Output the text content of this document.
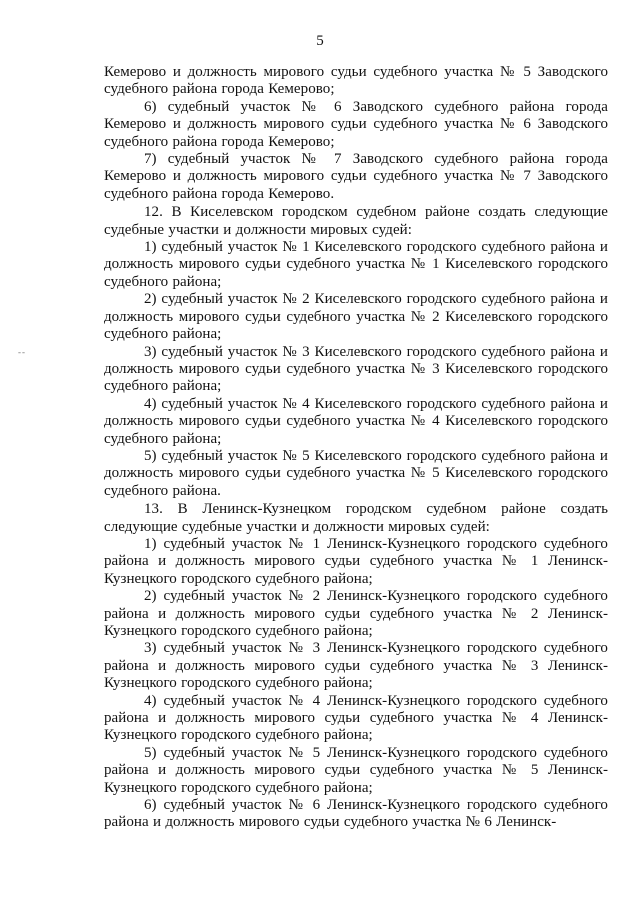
5
--

Кемерово и должность мирового судьи судебного участка № 5 Заводского судебного района города Кемерово;

6) судебный участок № 6 Заводского судебного района города Кемерово и должность мирового судьи судебного участка № 6 Заводского судебного района города Кемерово;

7) судебный участок № 7 Заводского судебного района города Кемерово и должность мирового судьи судебного участка № 7 Заводского судебного района города Кемерово.

12. В Киселевском городском судебном районе создать следующие судебные участки и должности мировых судей:

1) судебный участок № 1 Киселевского городского судебного района и должность мирового судьи судебного участка № 1 Киселевского городского судебного района;

2) судебный участок № 2 Киселевского городского судебного района и должность мирового судьи судебного участка № 2 Киселевского городского судебного района;

3) судебный участок № 3 Киселевского городского судебного района и должность мирового судьи судебного участка № 3 Киселевского городского судебного района;

4) судебный участок № 4 Киселевского городского судебного района и должность мирового судьи судебного участка № 4 Киселевского городского судебного района;

5) судебный участок № 5 Киселевского городского судебного района и должность мирового судьи судебного участка № 5 Киселевского городского судебного района.

13. В Ленинск-Кузнецком городском судебном районе создать следующие судебные участки и должности мировых судей:

1) судебный участок № 1 Ленинск-Кузнецкого городского судебного района и должность мирового судьи судебного участка № 1 Ленинск-Кузнецкого городского судебного района;

2) судебный участок № 2 Ленинск-Кузнецкого городского судебного района и должность мирового судьи судебного участка № 2 Ленинск-Кузнецкого городского судебного района;

3) судебный участок № 3 Ленинск-Кузнецкого городского судебного района и должность мирового судьи судебного участка № 3 Ленинск-Кузнецкого городского судебного района;

4) судебный участок № 4 Ленинск-Кузнецкого городского судебного района и должность мирового судьи судебного участка № 4 Ленинск-Кузнецкого городского судебного района;

5) судебный участок № 5 Ленинск-Кузнецкого городского судебного района и должность мирового судьи судебного участка № 5 Ленинск-Кузнецкого городского судебного района;

6) судебный участок № 6 Ленинск-Кузнецкого городского судебного района и должность мирового судьи судебного участка № 6 Ленинск-
